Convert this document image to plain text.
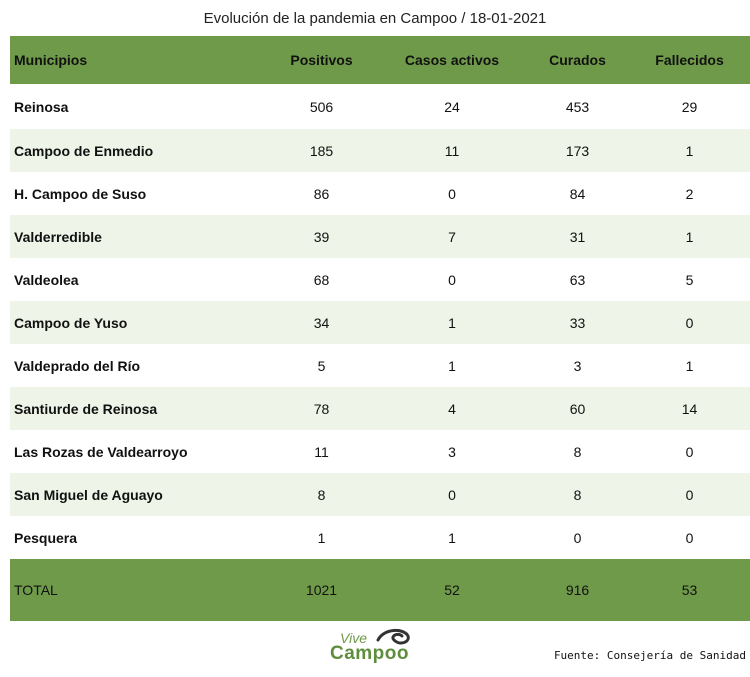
Evolución de la pandemia en Campoo / 18-01-2021
Municipios	Positivos	Casos activos	Curados	Fallecidos
Reinosa	506	24	453	29
Campoo de Enmedio	185	11	173	1
H. Campoo de Suso	86	0	84	2
Valderredible	39	7	31	1
Valdeolea	68	0	63	5
Campoo de Yuso	34	1	33	0
Valdeprado del Río	5	1	3	1
Santiurde de Reinosa	78	4	60	14
Las Rozas de Valdearroyo	11	3	8	0
San Miguel de Aguayo	8	0	8	0
Pesquera	1	1	0	0
TOTAL	1021	52	916	53
Vive
Campoo	Fuente: Consejería de Sanidad
